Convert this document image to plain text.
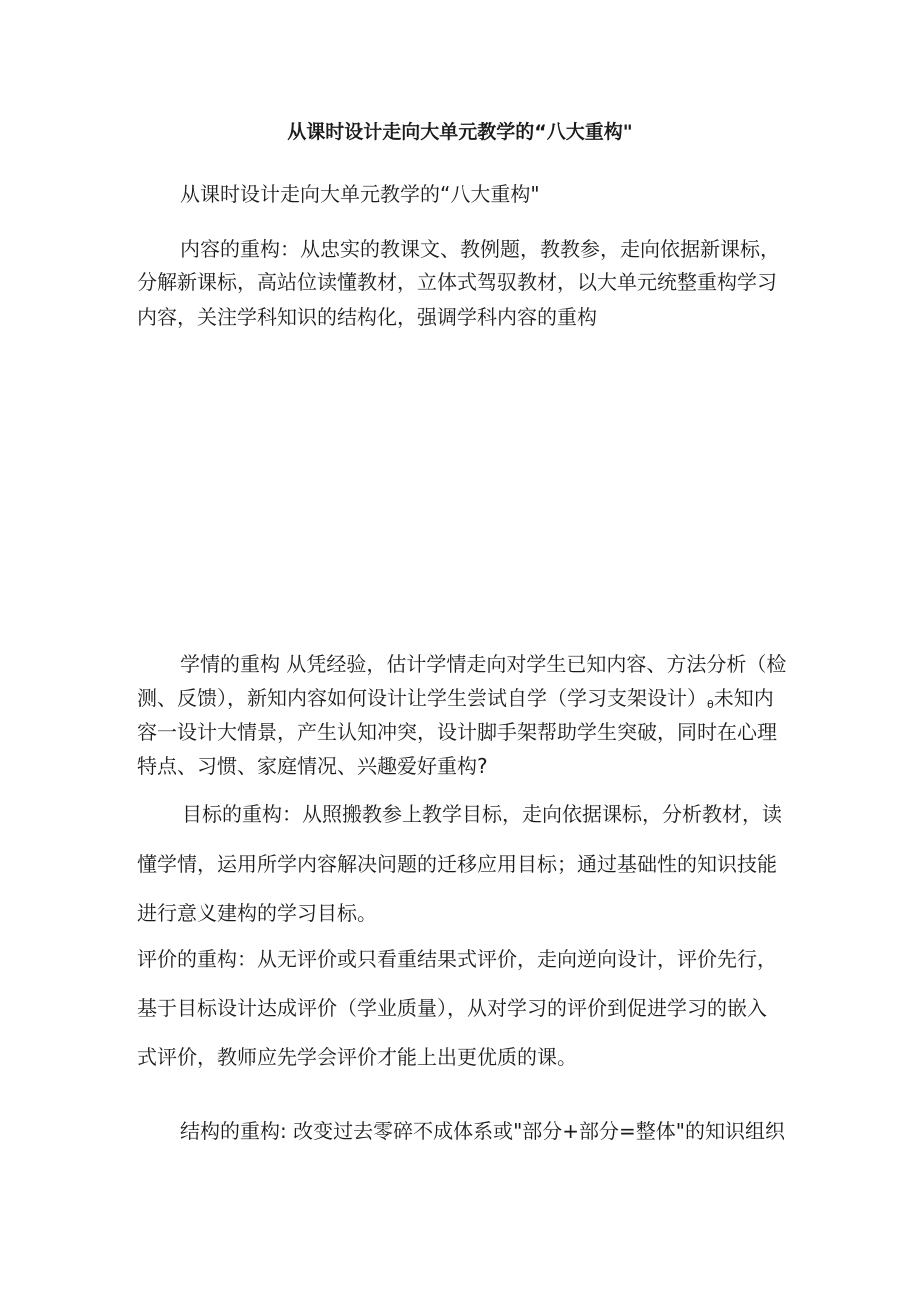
从课时设计走向大单元教学的“八大重构"
从课时设计走向大单元教学的“八大重构"
内容的重构：从忠实的教课文、教例题，教教参，走向依据新课标，
分解新课标，高站位读懂教材，立体式驾驭教材，以大单元统整重构学习
内容，关注学科知识的结构化，强调学科内容的重构
学情的重构 从凭经验，估计学情走向对学生已知内容、方法分析（检
测、反馈），新知内容如何设计让学生尝试自学（学习支架设计）$_\theta$未知内
容一设计大情景，产生认知冲突，设计脚手架帮助学生突破，同时在心理
特点、习惯、家庭情况、兴趣爱好重构?
目标的重构：从照搬教参上教学目标，走向依据课标，分析教材，读
懂学情，运用所学内容解决问题的迁移应用目标；通过基础性的知识技能
进行意义建构的学习目标。
评价的重构：从无评价或只看重结果式评价，走向逆向设计，评价先行，
基于目标设计达成评价（学业质量），从对学习的评价到促进学习的嵌入
式评价，教师应先学会评价才能上出更优质的课。
结构的重构: 改变过去零碎不成体系或"部分+部分=整体"的知识组织
